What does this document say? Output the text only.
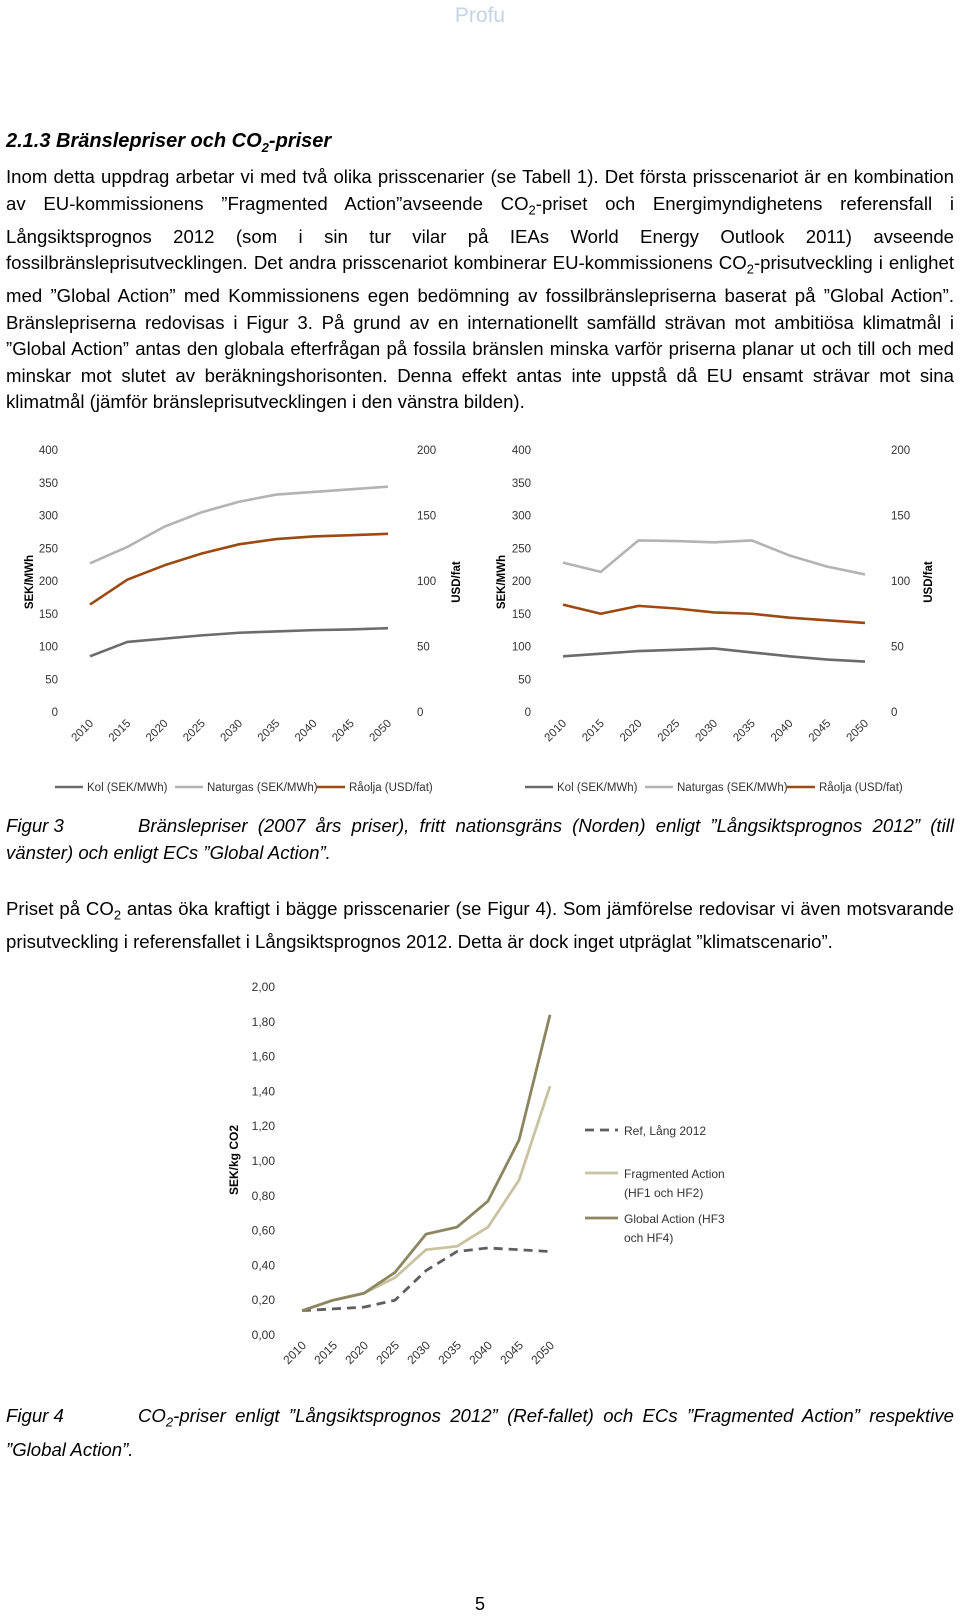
Profu
2.1.3 Bränslepriser och $CO_2$-priser

Inom detta uppdrag arbetar vi med två olika prisscenarier (se Tabell 1). Det första prisscenariot är en kombination av EU-kommissionens ”Fragmented Action”avseende $CO_2$-priset och Energimyndighetens referensfall i Långsiktsprognos 2012 (som i sin tur vilar på IEAs World Energy Outlook 2011) avseende fossilbränsleprisutvecklingen. Det andra prisscenariot kombinerar EU-kommissionens $CO_2$-prisutveckling i enlighet med ”Global Action” med Kommissionens egen bedömning av fossilbränslepriserna baserat på ”Global Action”. Bränslepriserna redovisas i Figur 3. På grund av en internationellt samfälld strävan mot ambitiösa klimatmål i ”Global Action” antas den globala efterfrågan på fossila bränslen minska varför priserna planar ut och till och med minskar mot slutet av beräkningshorisonten. Denna effekt antas inte uppstå då EU ensamt strävar mot sina klimatmål (jämför bränsleprisutvecklingen i den vänstra bilden).

0
50
100
150
200
250
300
350
400
0
50
100
150
200
SEK/MWh	USD/fat
2010 2015 2020 2025 2030 2035 2040 2045 2050
Kol (SEK/MWh)	Naturgas (SEK/MWh)	Råolja (USD/fat)
0
50
100
150
200
250
300
350
400
0
50
100
150
200
SEK/MWh	USD/fat
2010 2015 2020 2025 2030 2035 2040 2045 2050
Kol (SEK/MWh)	Naturgas (SEK/MWh)	Råolja (USD/fat)
Figur 3	Bränslepriser (2007 års priser), fritt nationsgräns (Norden) enligt ”Långsiktsprognos 2012” (till vänster) och enligt ECs ”Global Action”.

Priset på $CO_2$ antas öka kraftigt i bägge prisscenarier (se Figur 4). Som jämförelse redovisar vi även motsvarande prisutveckling i referensfallet i Långsiktsprognos 2012. Detta är dock inget utpräglat ”klimatscenario”.

0,00
0,20
0,40
0,60
0,80
1,00
1,20
1,40
1,60
1,80
2,00
SEK/kg CO2
2010 2015 2020 2025 2030 2035 2040 2045 2050
Ref, Lång 2012
Fragmented Action (HF1 och HF2)
Global Action (HF3 och HF4)
Figur 4	$CO_2$-priser enligt ”Långsiktsprognos 2012” (Ref-fallet) och ECs ”Fragmented Action” respektive ”Global Action”.
5
